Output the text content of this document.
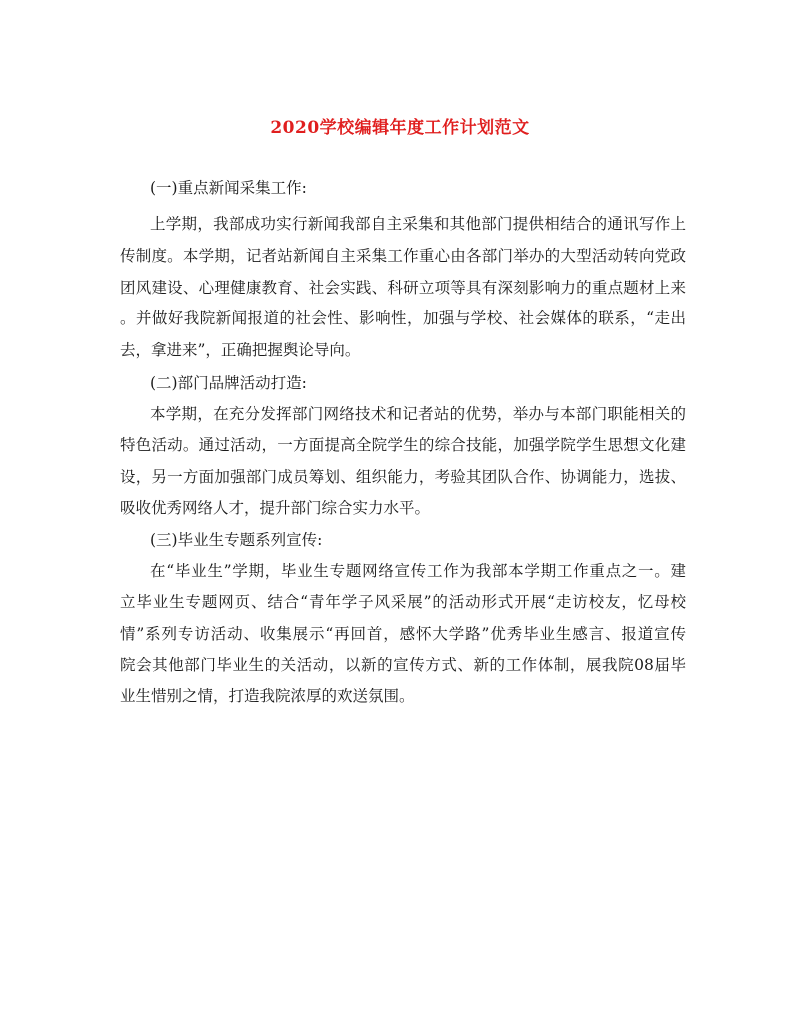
2020学校编辑年度工作计划范文
(一)重点新闻采集工作:
上学期，我部成功实行新闻我部自主采集和其他部门提供相结合的通讯写作上
传制度。本学期，记者站新闻自主采集工作重心由各部门举办的大型活动转向党政
团风建设、心理健康教育、社会实践、科研立项等具有深刻影响力的重点题材上来
。并做好我院新闻报道的社会性、影响性，加强与学校、社会媒体的联系，“走出
去，拿进来”，正确把握舆论导向。
(二)部门品牌活动打造:
本学期，在充分发挥部门网络技术和记者站的优势，举办与本部门职能相关的
特色活动。通过活动，一方面提高全院学生的综合技能，加强学院学生思想文化建
设，另一方面加强部门成员筹划、组织能力，考验其团队合作、协调能力，选拔、
吸收优秀网络人才，提升部门综合实力水平。
(三)毕业生专题系列宣传:
在“毕业生”学期，毕业生专题网络宣传工作为我部本学期工作重点之一。建
立毕业生专题网页、结合“青年学子风采展”的活动形式开展“走访校友，忆母校
情”系列专访活动、收集展示“再回首，感怀大学路”优秀毕业生感言、报道宣传
院会其他部门毕业生的关活动，以新的宣传方式、新的工作体制，展我院08届毕
业生惜别之情，打造我院浓厚的欢送氛围。
